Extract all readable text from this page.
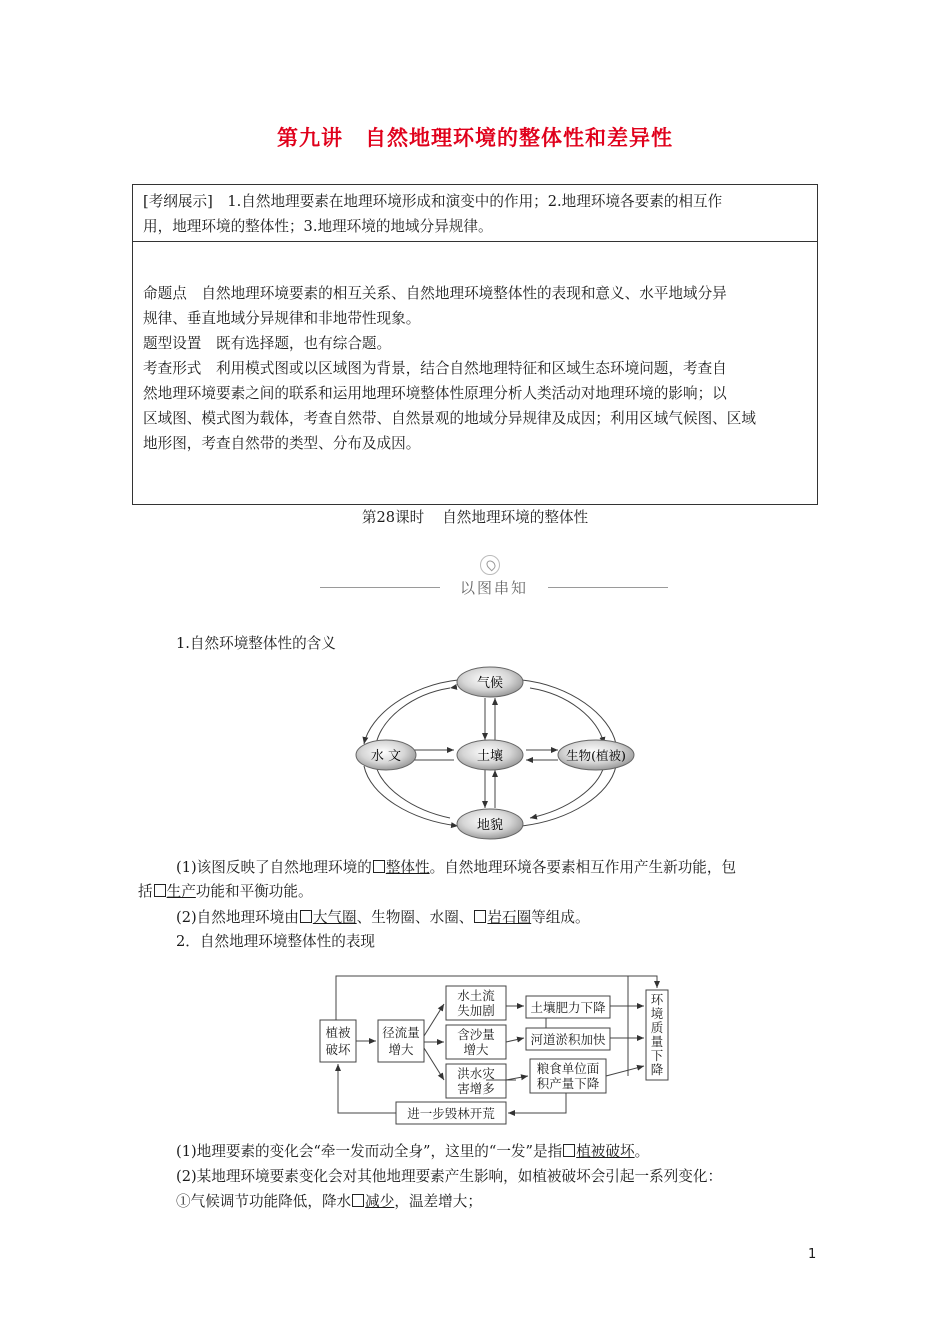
第九讲 自然地理环境的整体性和差异性
[考纲展示]　1.自然地理要素在地理环境形成和演变中的作用；2.地理环境各要素的相互作
用，地理环境的整体性；3.地理环境的地域分异规律。
命题点　自然地理环境要素的相互关系、自然地理环境整体性的表现和意义、水平地域分异
规律、垂直地域分异规律和非地带性现象。
题型设置　既有选择题，也有综合题。
考查形式　利用模式图或以区域图为背景，结合自然地理特征和区域生态环境问题，考查自
然地理环境要素之间的联系和运用地理环境整体性原理分析人类活动对地理环境的影响；以
区域图、模式图为载体，考查自然带、自然景观的地域分异规律及成因；利用区域气候图、区域
地形图，考查自然带的类型、分布及成因。
第28课时 自然地理环境的整体性
以图串知
1.自然环境整体性的含义
气候
水 文	土壤	生物(植被)
地貌
(1)该图反映了自然地理环境的 整体性。自然地理环境各要素相互作用产生新功能，包
括 生产功能和平衡功能。
(2)自然地理环境由 大气圈、生物圈、水圈、 岩石圈等组成。
2．自然地理环境整体性的表现
植被
破坏
径流量
增大
水土流
失加剧
含沙量
增大
洪水灾
害增多
土壤肥力下降
河道淤积加快
粮食单位面
积产量下降
环
境
质
量
下
降
进一步毁林开荒
(1)地理要素的变化会“牵一发而动全身”，这里的“一发”是指 植被破坏。
(2)某地理环境要素变化会对其他地理要素产生影响，如植被破坏会引起一系列变化：
①气候调节功能降低，降水 减少，温差增大；
1
